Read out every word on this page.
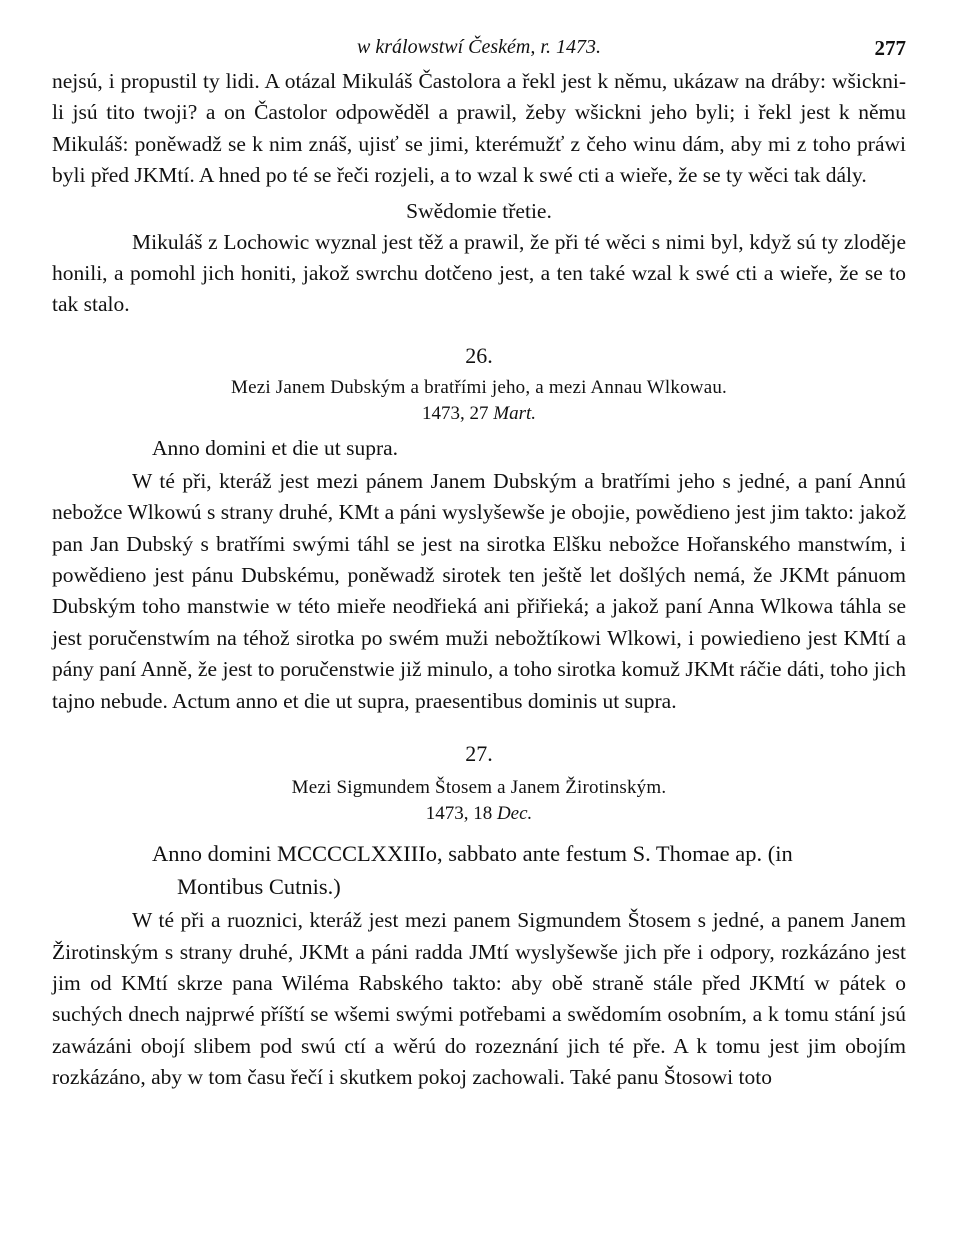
w králowstwí Českém, r. 1473.	277

nejsú, i propustil ty lidi. A otázal Mikuláš Častolora a řekl jest k němu, ukázaw na dráby: wšickni-li jsú tito twoji? a on Častolor odpowěděl a prawil, žeby wšickni jeho byli; i řekl jest k němu Mikuláš: poněwadž se k nim znáš, ujisť se jimi, kterémužť z čeho winu dám, aby mi z toho práwi byli před JKMtí. A hned po té se řeči rozjeli, a to wzal k swé cti a wieře, že se ty wěci tak dály.

Swědomie třetie.

Mikuláš z Lochowic wyznal jest těž a prawil, že při té wěci s nimi byl, když sú ty zloděje honili, a pomohl jich honiti, jakož swrchu dotčeno jest, a ten také wzal k swé cti a wieře, že se to tak stalo.

26.

Mezi Janem Dubským a bratřími jeho, a mezi Annau Wlkowau.

1473, 27 Mart.

Anno domini et die ut supra.

W té při, kteráž jest mezi pánem Janem Dubským a bratřími jeho s jedné, a paní Annú nebožce Wlkowú s strany druhé, KMt a páni wyslyšewše je obojie, powědieno jest jim takto: jakož pan Jan Dubský s bratřími swými táhl se jest na sirotka Elšku nebožce Hořanského manstwím, i powědieno jest pánu Dubskému, poněwadž sirotek ten ještě let došlých nemá, že JKMt pánuom Dubským toho manstwie w této mieře neodřieká ani přiřieká; a jakož paní Anna Wlkowa táhla se jest poručenstwím na téhož sirotka po swém muži nebožtíkowi Wlkowi, i powiedieno jest KMtí a pány paní Anně, že jest to poručenstwie již minulo, a toho sirotka komuž JKMt ráčie dáti, toho jich tajno nebude. Actum anno et die ut supra, praesentibus dominis ut supra.

27.

Mezi Sigmundem Štosem a Janem Žirotinským.

1473, 18 Dec.

Anno domini MCCCCLXXIIIo, sabbato ante festum S. Thomae ap. (in
Montibus Cutnis.)

W té při a ruoznici, kteráž jest mezi panem Sigmundem Štosem s jedné, a panem Janem Žirotinským s strany druhé, JKMt a páni radda JMtí wyslyšewše jich pře i odpory, rozkázáno jest jim od KMtí skrze pana Wiléma Rabského takto: aby obě straně stále před JKMtí w pátek o suchých dnech najprwé příští se wšemi swými potřebami a swědomím osobním, a k tomu stání jsú zawázáni obojí slibem pod swú ctí a wěrú do rozeznání jich té pře. A k tomu jest jim obojím rozkázáno, aby w tom času řečí i skutkem pokoj zachowali. Také panu Štosowi toto
